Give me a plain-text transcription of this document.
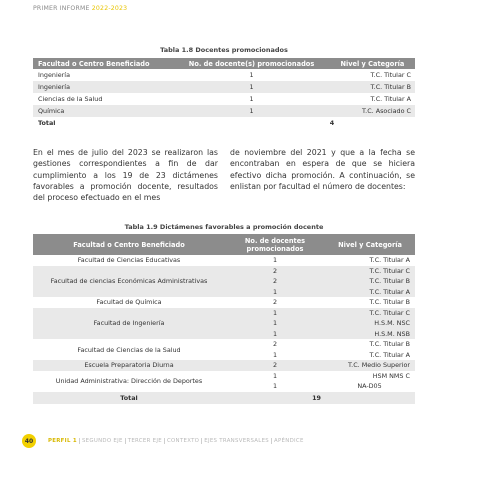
PRIMER INFORME 2022-2023
Tabla 1.8 Docentes promocionados
Facultad o Centro Beneficiado	No. de docente(s) promocionados	Nivel y Categoría
Ingeniería	1	T.C. Titular C
Ingeniería	1	T.C. Titular B
Ciencias de la Salud	1	T.C. Titular A
Química	1	T.C. Asociado C
Total		4

En el mes de julio del 2023 se realizaron las gestiones correspondientes a fin de dar cumplimiento a los 19 de 23 dictámenes favorables a promoción docente, resultados del proceso efectuado en el mes

de noviembre del 2021 y que a la fecha se encontraban en espera de que se hiciera efectivo dicha promoción. A continuación, se enlistan por facultad el número de docentes:

Tabla 1.9 Dictámenes favorables a promoción docente
Facultad o Centro Beneficiado	No. de docentes promocionados	Nivel y Categoría
Facultad de Ciencias Educativas	1	T.C. Titular A
Facultad de ciencias Económicas Administrativas	2	T.C. Titular C
	2	T.C. Titular B
	1	T.C. Titular A
Facultad de Química	2	T.C. Titular B
Facultad de Ingeniería	1	T.C. Titular C
	1	H.S.M. NSC
	1	H.S.M. NSB
Facultad de Ciencias de la Salud	2	T.C. Titular B
	1	T.C. Titular A
Escuela Preparatoria Diurna	2	T.C. Medio Superior
Unidad Administrativa: Dirección de Deportes	1	HSM NMS C
	1	NA-D05
Total	19	
40	PERFIL 1 SEGUNDO EJE TERCER EJE CONTEXTO EJES TRANSVERSALES APÉNDICE
